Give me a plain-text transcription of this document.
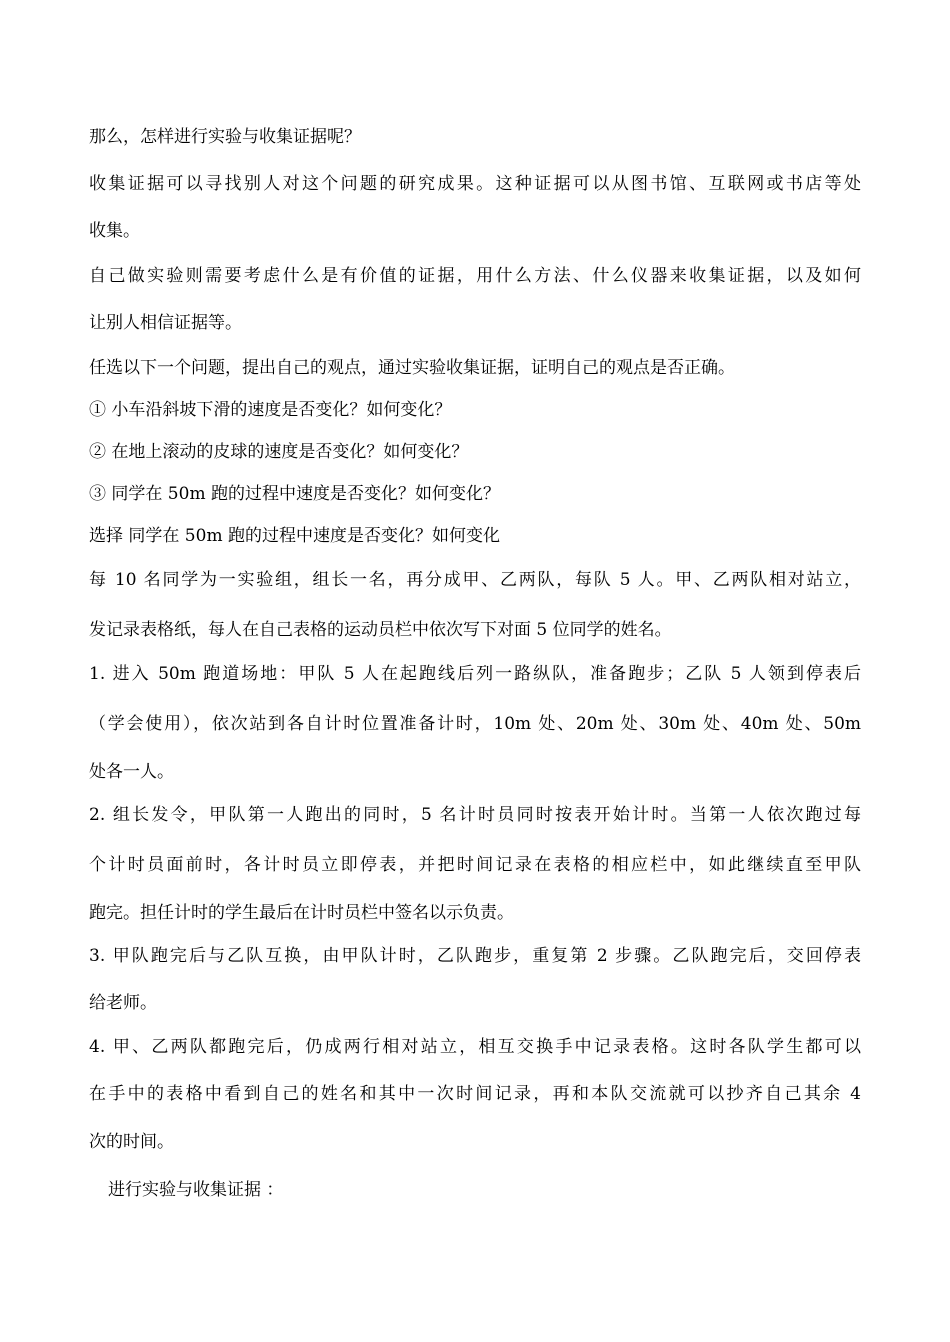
那么，怎样进行实验与收集证据呢？
收集证据可以寻找别人对这个问题的研究成果。这种证据可以从图书馆、互联网或书店等处
收集。
自己做实验则需要考虑什么是有价值的证据，用什么方法、什么仪器来收集证据，以及如何
让别人相信证据等。
任选以下一个问题，提出自己的观点，通过实验收集证据，证明自己的观点是否正确。
① 小车沿斜坡下滑的速度是否变化？如何变化？
② 在地上滚动的皮球的速度是否变化？如何变化？
③ 同学在 50m 跑的过程中速度是否变化？如何变化？
选择 同学在 50m 跑的过程中速度是否变化？如何变化
每 10 名同学为一实验组，组长一名，再分成甲、乙两队，每队 5 人。甲、乙两队相对站立，
发记录表格纸，每人在自己表格的运动员栏中依次写下对面 5 位同学的姓名。
1. 进入 50m 跑道场地：甲队 5 人在起跑线后列一路纵队，准备跑步；乙队 5 人领到停表后
（学会使用），依次站到各自计时位置准备计时，10m 处、20m 处、30m 处、40m 处、50m
处各一人。
2. 组长发令，甲队第一人跑出的同时，5 名计时员同时按表开始计时。当第一人依次跑过每
个计时员面前时，各计时员立即停表，并把时间记录在表格的相应栏中，如此继续直至甲队
跑完。担任计时的学生最后在计时员栏中签名以示负责。
3. 甲队跑完后与乙队互换，由甲队计时，乙队跑步，重复第 2 步骤。乙队跑完后，交回停表
给老师。
4. 甲、乙两队都跑完后，仍成两行相对站立，相互交换手中记录表格。这时各队学生都可以
在手中的表格中看到自己的姓名和其中一次时间记录，再和本队交流就可以抄齐自己其余 4
次的时间。
进行实验与收集证据 ：
